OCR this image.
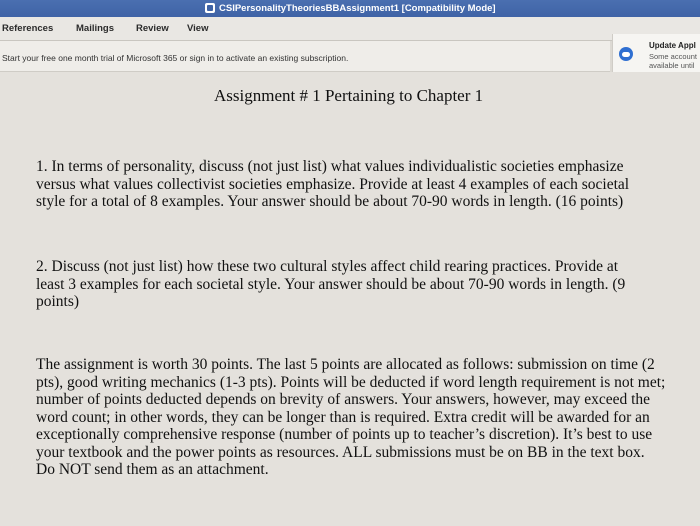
CSIPersonalityTheoriesBBAssignment1 [Compatibility Mode]
References Mailings Review View
Start your free one month trial of Microsoft 365 or sign in to activate an existing subscription.
Update Appl
Some account
available until
Assignment # 1 Pertaining to Chapter 1

1. In terms of personality, discuss (not just list) what values individualistic societies emphasize versus what values collectivist societies emphasize. Provide at least 4 examples of each societal style for a total of 8 examples. Your answer should be about 70-90 words in length. (16 points)

2. Discuss (not just list) how these two cultural styles affect child rearing practices. Provide at least 3 examples for each societal style. Your answer should be about 70-90 words in length. (9 points)

The assignment is worth 30 points. The last 5 points are allocated as follows: submission on time (2 pts), good writing mechanics (1-3 pts). Points will be deducted if word length requirement is not met; number of points deducted depends on brevity of answers. Your answers, however, may exceed the word count; in other words, they can be longer than is required. Extra credit will be awarded for an exceptionally comprehensive response (number of points up to teacher’s discretion). It’s best to use your textbook and the power points as resources. ALL submissions must be on BB in the text box. Do NOT send them as an attachment.
